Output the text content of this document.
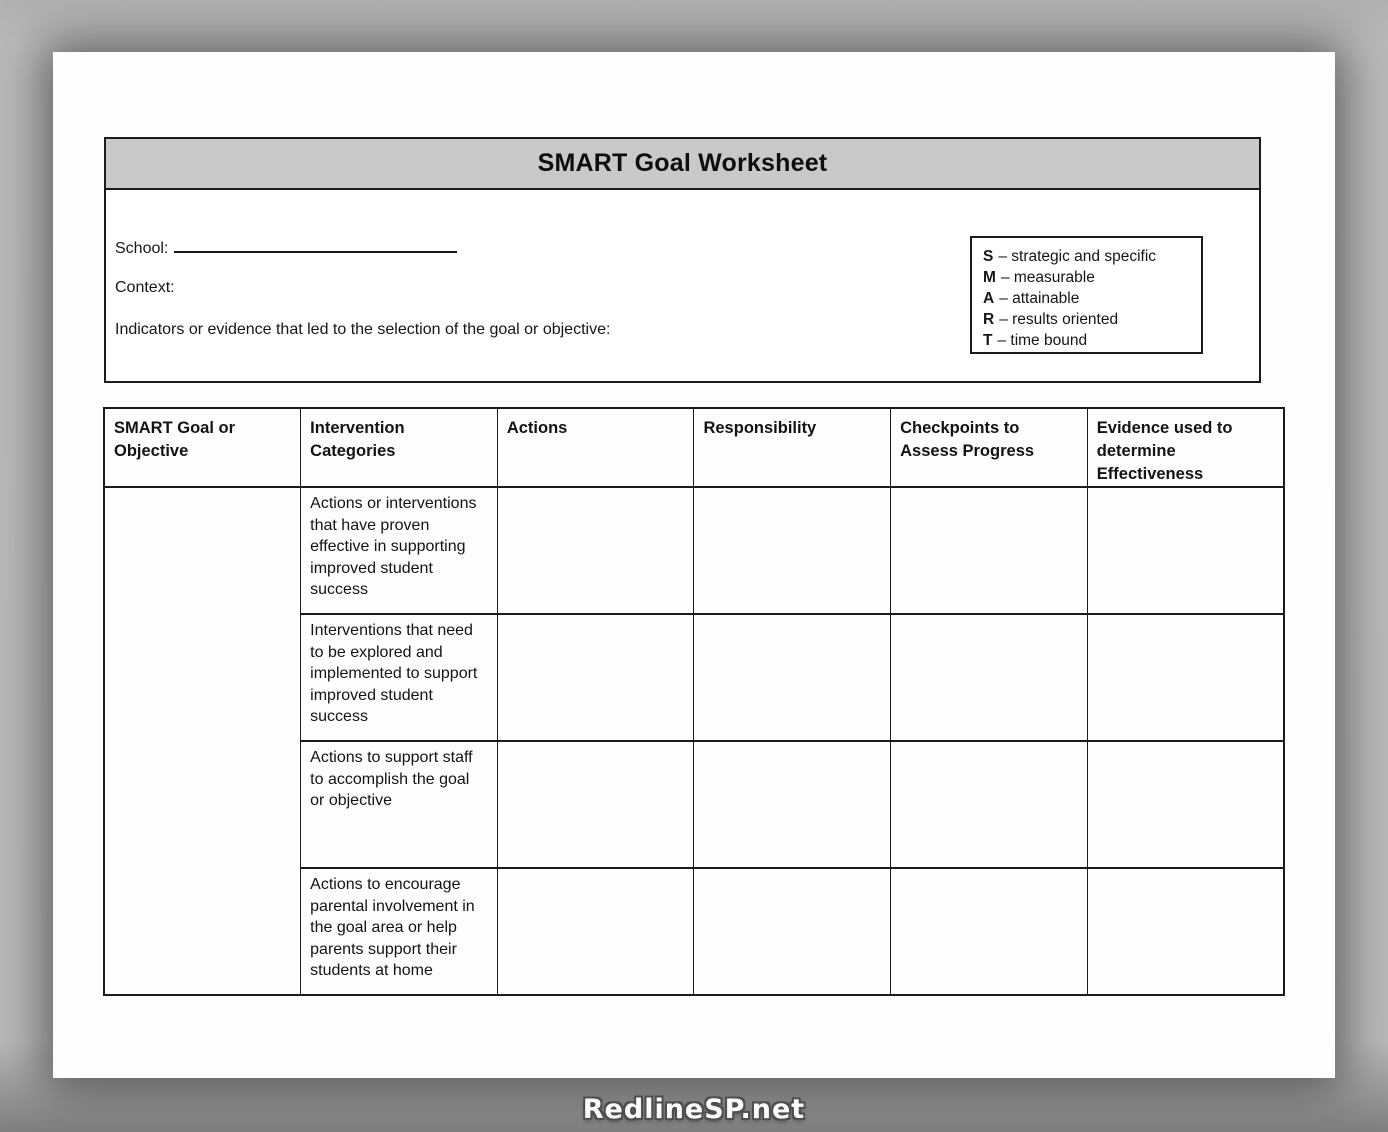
SMART Goal Worksheet
School:
Context:
Indicators or evidence that led to the selection of the goal or objective:
S – strategic and specific
M – measurable
A – attainable
R – results oriented
T – time bound
SMART Goal or Objective	Intervention Categories	Actions	Responsibility	Checkpoints to Assess Progress	Evidence used to determine Effectiveness
	Actions or interventions that have proven effective in supporting improved student success				
	Interventions that need to be explored and implemented to support improved student success				
	Actions to support staff to accomplish the goal or objective				
	Actions to encourage parental involvement in the goal area or help parents support their students at home				
RedlineSP.net
